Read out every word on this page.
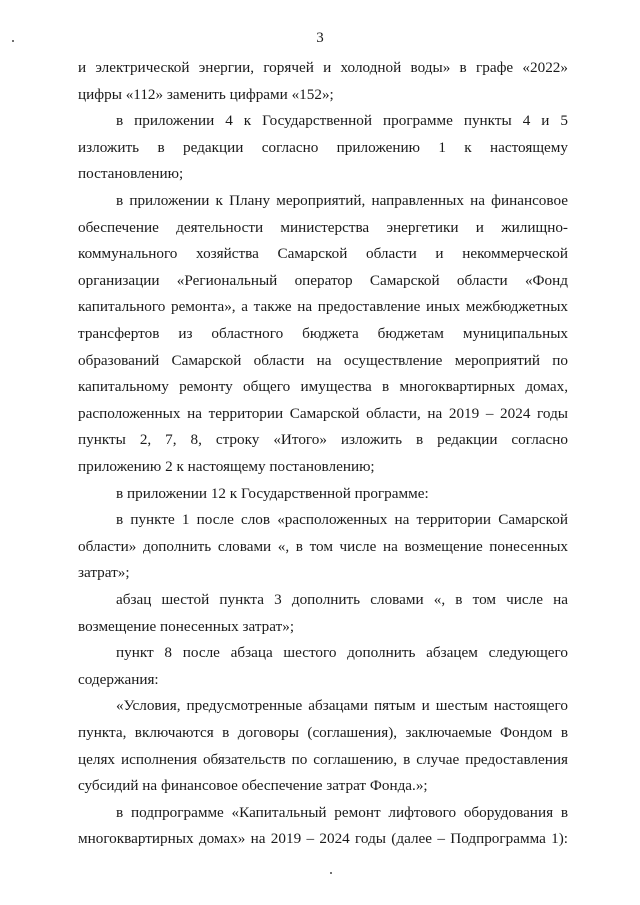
3
и электрической энергии, горячей и холодной воды» в графе «2022»
цифры «112» заменить цифрами «152»;
в приложении 4 к Государственной программе пункты 4 и 5
изложить в редакции согласно приложению 1 к настоящему
постановлению;
в приложении к Плану мероприятий, направленных на финансовое
обеспечение деятельности министерства энергетики и жилищно-
коммунального хозяйства Самарской области и некоммерческой
организации «Региональный оператор Самарской области «Фонд
капитального ремонта», а также на предоставление иных межбюджетных
трансфертов из областного бюджета бюджетам муниципальных
образований Самарской области на осуществление мероприятий по
капитальному ремонту общего имущества в многоквартирных домах,
расположенных на территории Самарской области, на 2019 – 2024 годы
пункты 2, 7, 8, строку «Итого» изложить в редакции согласно
приложению 2 к настоящему постановлению;
в приложении 12 к Государственной программе:
в пункте 1 после слов «расположенных на территории Самарской
области» дополнить словами «, в том числе на возмещение понесенных
затрат»;
абзац шестой пункта 3 дополнить словами «, в том числе на
возмещение понесенных затрат»;
пункт 8 после абзаца шестого дополнить абзацем следующего
содержания:
«Условия, предусмотренные абзацами пятым и шестым настоящего
пункта, включаются в договоры (соглашения), заключаемые Фондом в
целях исполнения обязательств по соглашению, в случае предоставления
субсидий на финансовое обеспечение затрат Фонда.»;
в подпрограмме «Капитальный ремонт лифтового оборудования в
многоквартирных домах» на 2019 – 2024 годы (далее – Подпрограмма 1):
